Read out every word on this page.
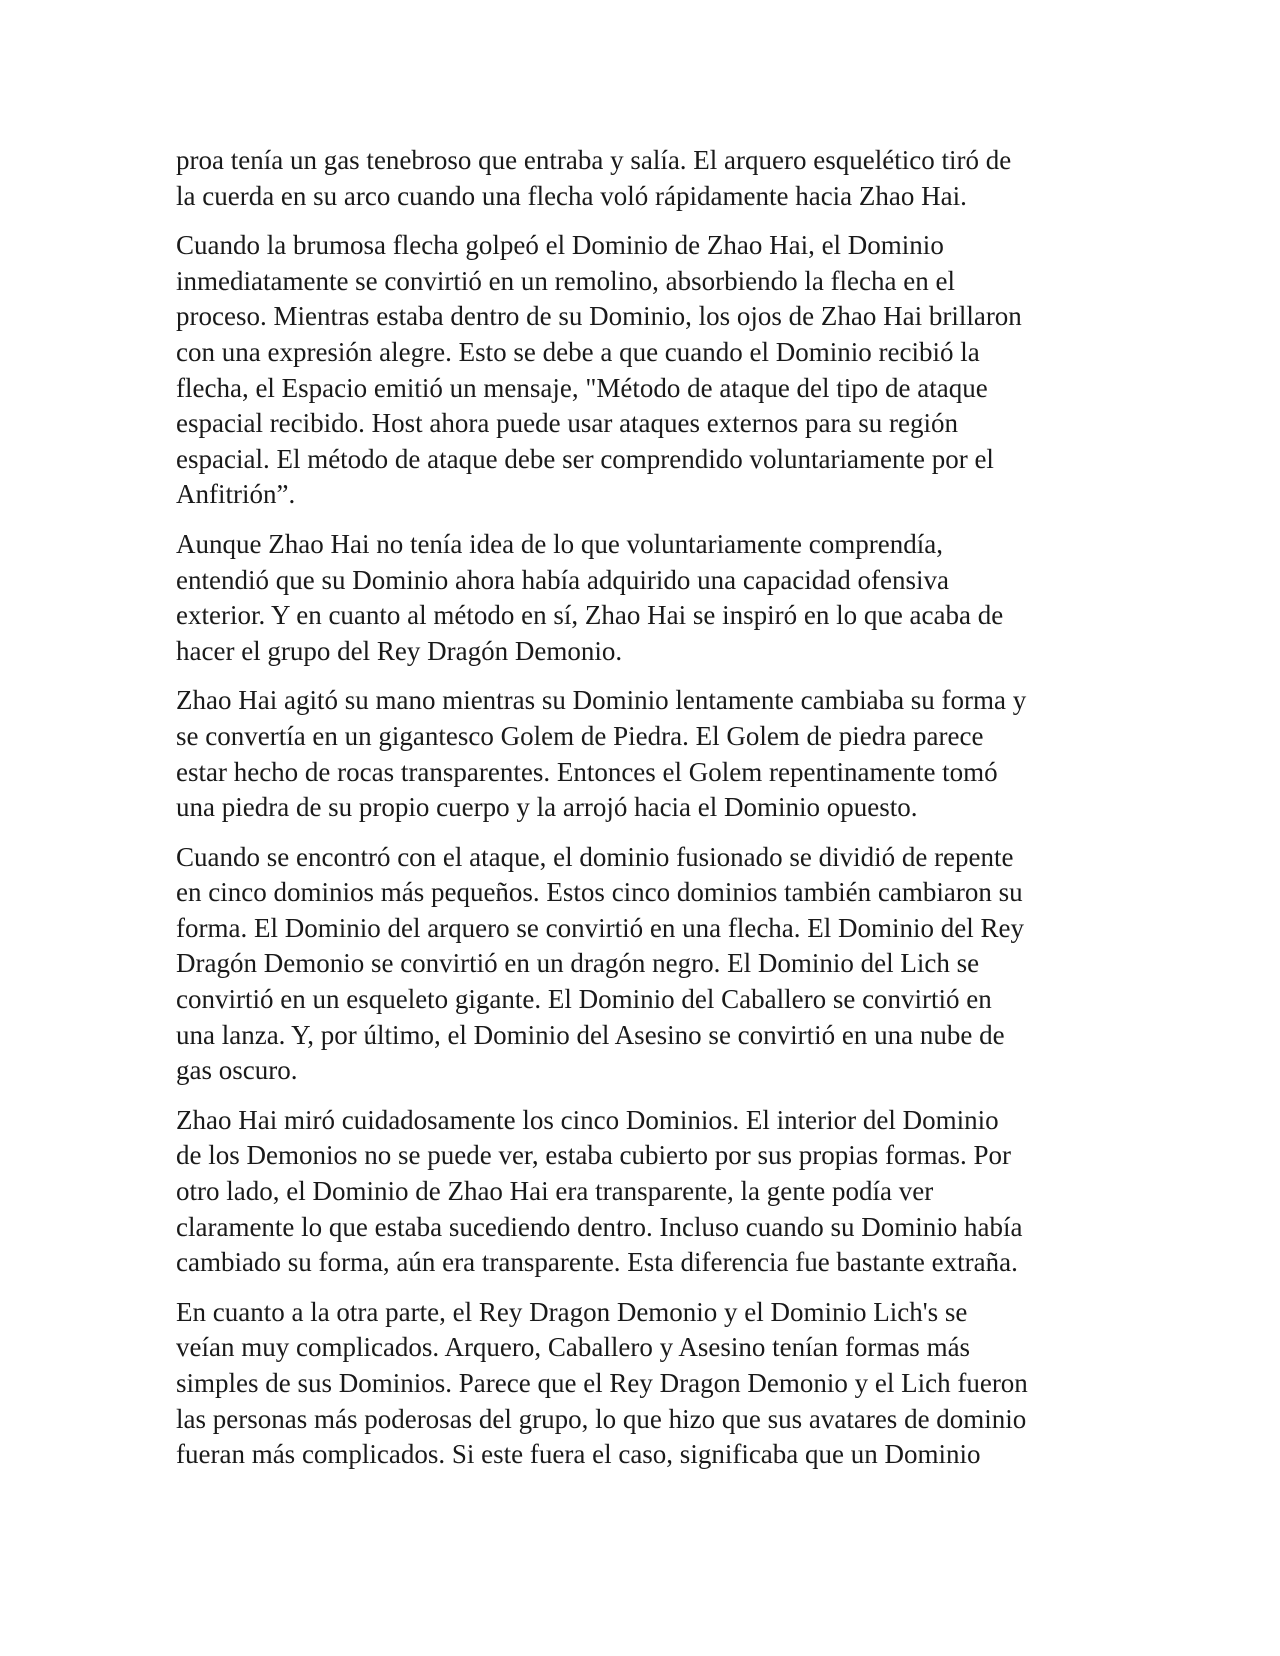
proa tenía un gas tenebroso que entraba y salía. El arquero esquelético tiró de
la cuerda en su arco cuando una flecha voló rápidamente hacia Zhao Hai.

Cuando la brumosa flecha golpeó el Dominio de Zhao Hai, el Dominio
inmediatamente se convirtió en un remolino, absorbiendo la flecha en el
proceso. Mientras estaba dentro de su Dominio, los ojos de Zhao Hai brillaron
con una expresión alegre. Esto se debe a que cuando el Dominio recibió la
flecha, el Espacio emitió un mensaje, "Método de ataque del tipo de ataque
espacial recibido. Host ahora puede usar ataques externos para su región
espacial. El método de ataque debe ser comprendido voluntariamente por el
Anfitrión”.

Aunque Zhao Hai no tenía idea de lo que voluntariamente comprendía,
entendió que su Dominio ahora había adquirido una capacidad ofensiva
exterior. Y en cuanto al método en sí, Zhao Hai se inspiró en lo que acaba de
hacer el grupo del Rey Dragón Demonio.

Zhao Hai agitó su mano mientras su Dominio lentamente cambiaba su forma y
se convertía en un gigantesco Golem de Piedra. El Golem de piedra parece
estar hecho de rocas transparentes. Entonces el Golem repentinamente tomó
una piedra de su propio cuerpo y la arrojó hacia el Dominio opuesto.

Cuando se encontró con el ataque, el dominio fusionado se dividió de repente
en cinco dominios más pequeños. Estos cinco dominios también cambiaron su
forma. El Dominio del arquero se convirtió en una flecha. El Dominio del Rey
Dragón Demonio se convirtió en un dragón negro. El Dominio del Lich se
convirtió en un esqueleto gigante. El Dominio del Caballero se convirtió en
una lanza. Y, por último, el Dominio del Asesino se convirtió en una nube de
gas oscuro.

Zhao Hai miró cuidadosamente los cinco Dominios. El interior del Dominio
de los Demonios no se puede ver, estaba cubierto por sus propias formas. Por
otro lado, el Dominio de Zhao Hai era transparente, la gente podía ver
claramente lo que estaba sucediendo dentro. Incluso cuando su Dominio había
cambiado su forma, aún era transparente. Esta diferencia fue bastante extraña.

En cuanto a la otra parte, el Rey Dragon Demonio y el Dominio Lich's se
veían muy complicados. Arquero, Caballero y Asesino tenían formas más
simples de sus Dominios. Parece que el Rey Dragon Demonio y el Lich fueron
las personas más poderosas del grupo, lo que hizo que sus avatares de dominio
fueran más complicados. Si este fuera el caso, significaba que un Dominio
